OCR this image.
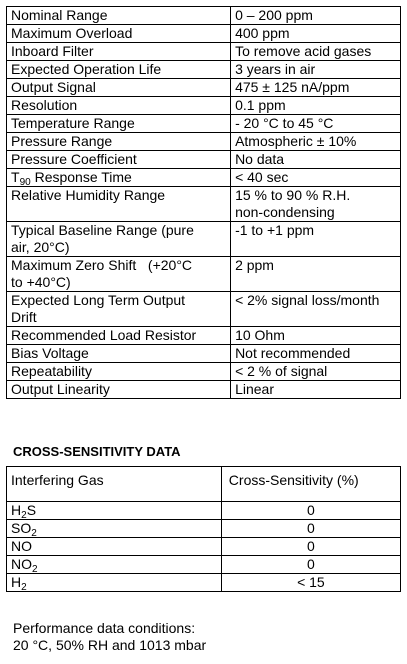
Nominal Range	0 – 200 ppm
Maximum Overload	400 ppm
Inboard Filter	To remove acid gases
Expected Operation Life	3 years in air
Output Signal	475 ± 125 nA/ppm
Resolution	0.1 ppm
Temperature Range	- 20 °C to 45 °C
Pressure Range	Atmospheric ± 10%
Pressure Coefficient	No data
$T_{90}$ Response Time	< 40 sec
Relative Humidity Range	15 % to 90 % R.H.
non-condensing

Typical Baseline Range (pure
air, 20°C)	-1 to +1 ppm

Maximum Zero Shift   (+20°C
to +40°C)	2 ppm

Expected Long Term Output
Drift	< 2% signal loss/month
Recommended Load Resistor	10 Ohm
Bias Voltage	Not recommended
Repeatability	< 2 % of signal
Output Linearity	Linear
CROSS-SENSITIVITY DATA
Interfering Gas	Cross-Sensitivity (%)
$H_2S$	0
$SO_2$	0
NO	0
$NO_2$	0
$H_2$	< 15
Performance data conditions:
20 °C, 50% RH and 1013 mbar
